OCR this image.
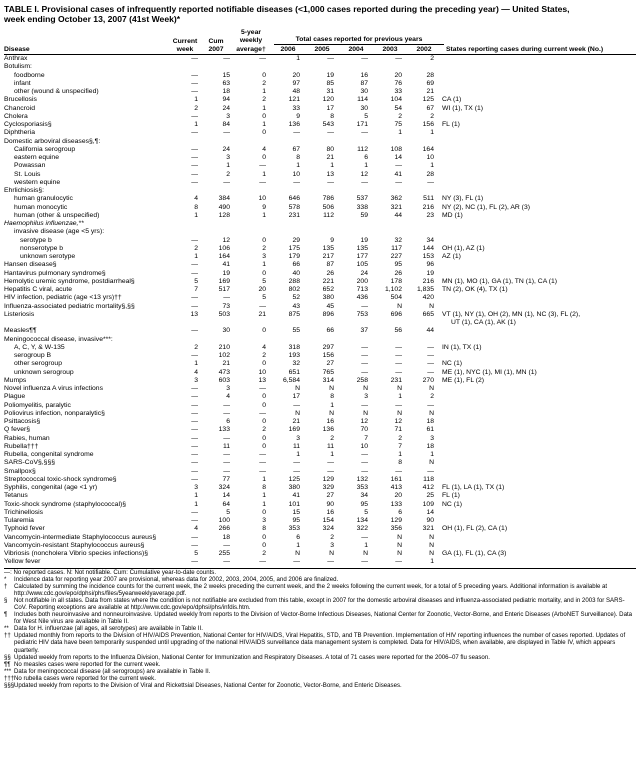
TABLE I. Provisional cases of infrequently reported notifiable diseases (<1,000 cases reported during the preceding year) — United States,
week ending October 13, 2007 (41st Week)*
Disease
Current
week
Cum
2007
5-year
weekly
average†
Total cases reported for previous years
2006	2005	2004	2003	2002	States reporting cases during current week (No.)
Anthrax	—	—	—	1	—	—	—	2	
Botulism:									
foodborne	—	15	0	20	19	16	20	28	
infant	—	63	2	97	85	87	76	69	
other (wound & unspecified)	—	18	1	48	31	30	33	21	
Brucellosis	1	94	2	121	120	114	104	125	CA (1)
Chancroid	2	24	1	33	17	30	54	67	WI (1), TX (1)
Cholera	—	3	0	9	8	5	2	2	
Cyclosporiasis§	1	84	1	136	543	171	75	156	FL (1)
Diphtheria	—	—	0	—	—	—	1	1	
Domestic arboviral diseases§,¶:									
California serogroup	—	24	4	67	80	112	108	164	
eastern equine	—	3	0	8	21	6	14	10	
Powassan	—	1	—	1	1	1	—	1	
St. Louis	—	2	1	10	13	12	41	28	
western equine	—	—	—	—	—	—	—	—	
Ehrlichiosis§:									
human granulocytic	4	384	10	646	786	537	362	511	NY (3), FL (1)
human monocytic	8	490	9	578	506	338	321	216	NY (2), NC (1), FL (2), AR (3)
human (other & unspecified)	1	128	1	231	112	59	44	23	MD (1)
Haemophilus influenzae,**									
invasive disease (age <5 yrs):									
serotype b	—	12	0	29	9	19	32	34	
nonserotype b	2	106	2	175	135	135	117	144	OH (1), AZ (1)
unknown serotype	1	164	3	179	217	177	227	153	AZ (1)
Hansen disease§	—	41	1	66	87	105	95	96	
Hantavirus pulmonary syndrome§	—	19	0	40	26	24	26	19	
Hemolytic uremic syndrome, postdiarrheal§	5	169	5	288	221	200	178	216	MN (1), MO (1), GA (1), TN (1), CA (1)
Hepatitis C viral, acute	7	517	20	802	652	713	1,102	1,835	TN (2), OK (4), TX (1)
HIV infection, pediatric (age <13 yrs)††	—	—	5	52	380	436	504	420	
Influenza-associated pediatric mortality§,§§	—	73	—	43	45	—	N	N	
Listeriosis	13	503	21	875	896	753	696	665	VT (1), NY (1), OH (2), MN (1), NC (3), FL (2),
UT (1), CA (1), AK (1)

Measles¶¶	—	30	0	55	66	37	56	44	
Meningococcal disease, invasive***:									
A, C, Y, & W-135	2	210	4	318	297	—	—	—	IN (1), TX (1)
serogroup B	—	102	2	193	156	—	—	—	
other serogroup	1	21	0	32	27	—	—	—	NC (1)
unknown serogroup	4	473	10	651	765	—	—	—	ME (1), NYC (1), MI (1), MN (1)
Mumps	3	603	13	6,584	314	258	231	270	ME (1), FL (2)
Novel influenza A virus infections	—	3	—	N	N	N	N	N	
Plague	—	4	0	17	8	3	1	2	
Poliomyelitis, paralytic	—	—	0	—	1	—	—	—	
Poliovirus infection, nonparalytic§	—	—	—	N	N	N	N	N	
Psittacosis§	—	6	0	21	16	12	12	18	
Q fever§	—	133	2	169	136	70	71	61	
Rabies, human	—	—	0	3	2	7	2	3	
Rubella†††	—	11	0	11	11	10	7	18	
Rubella, congenital syndrome	—	—	—	1	1	—	1	1	
SARS-CoV§,§§§	—	—	—	—	—	—	8	N	
Smallpox§	—	—	—	—	—	—	—	—	
Streptococcal toxic-shock syndrome§	—	77	1	125	129	132	161	118	
Syphilis, congenital (age <1 yr)	3	324	8	380	329	353	413	412	FL (1), LA (1), TX (1)
Tetanus	1	14	1	41	27	34	20	25	FL (1)
Toxic-shock syndrome (staphylococcal)§	1	64	1	101	90	95	133	109	NC (1)
Trichinellosis	—	5	0	15	16	5	6	14	
Tularemia	—	100	3	95	154	134	129	90	
Typhoid fever	4	266	8	353	324	322	356	321	OH (1), FL (2), CA (1)
Vancomycin-intermediate Staphylococcus aureus§	—	18	0	6	2	—	N	N	
Vancomycin-resistant Staphylococcus aureus§	—	—	0	1	3	1	N	N	
Vibriosis (noncholera Vibrio species infections)§	5	255	2	N	N	N	N	N	GA (1), FL (1), CA (3)
Yellow fever	—	—	—	—	—	—	—	1	
—: No reported cases. N: Not notifiable. Cum: Cumulative year-to-date counts.
* Incidence data for reporting year 2007 are provisional, whereas data for 2002, 2003, 2004, 2005, and 2006 are finalized.
† Calculated by summing the incidence counts for the current week, the 2 weeks preceding the current week, and the 2 weeks following the current week, for a total of 5 preceding years. Additional information is available at http://www.cdc.gov/epo/dphsi/phs/files/5yearweeklyaverage.pdf.
§ Not notifiable in all states. Data from states where the condition is not notifiable are excluded from this table, except in 2007 for the domestic arboviral diseases and influenza-associated pediatric mortality, and in 2003 for SARS-CoV. Reporting exceptions are available at http://www.cdc.gov/epo/dphsi/phs/infdis.htm.
¶ Includes both neuroinvasive and nonneuroinvasive. Updated weekly from reports to the Division of Vector-Borne Infectious Diseases, National Center for Zoonotic, Vector-Borne, and Enteric Diseases (ArboNET Surveillance). Data for West Nile virus are available in Table II.
** Data for H. influenzae (all ages, all serotypes) are available in Table II.
†† Updated monthly from reports to the Division of HIV/AIDS Prevention, National Center for HIV/AIDS, Viral Hepatitis, STD, and TB Prevention. Implementation of HIV reporting influences the number of cases reported. Updates of pediatric HIV data have been temporarily suspended until upgrading of the national HIV/AIDS surveillance data management system is completed. Data for HIV/AIDS, when available, are displayed in Table IV, which appears quarterly.
§§ Updated weekly from reports to the Influenza Division, National Center for Immunization and Respiratory Diseases. A total of 71 cases were reported for the 2006–07 flu season.
¶¶ No measles cases were reported for the current week.
*** Data for meningococcal disease (all serogroups) are available in Table II.
††† No rubella cases were reported for the current week.
§§§ Updated weekly from reports to the Division of Viral and Rickettsial Diseases, National Center for Zoonotic, Vector-Borne, and Enteric Diseases.
